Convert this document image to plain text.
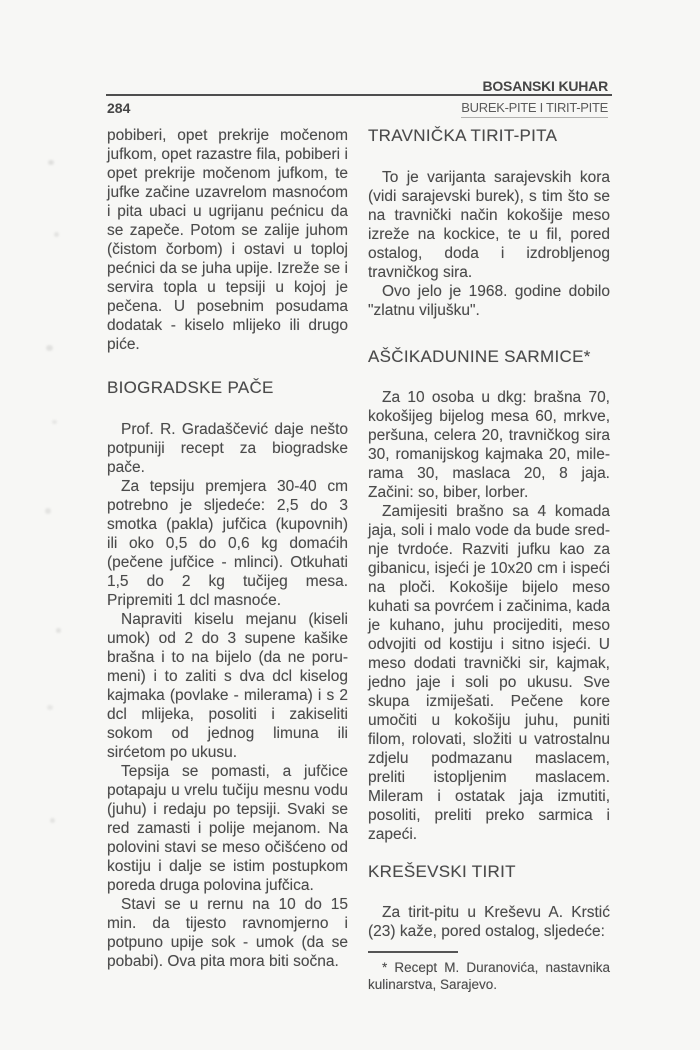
BOSANSKI KUHAR
284	BUREK-PITE I TIRIT-PITE

pobiberi, opet prekrije močenom jufkom, opet razastre fila, pobiberi i opet prekrije močenom jufkom, te jufke začine uzavrelom masnoćom i pita ubaci u ugrijanu pećnicu da se zapeče. Potom se zalije juhom (čistom čorbom) i ostavi u toploj pećnici da se juha upije. Izreže se i servira topla u tepsiji u kojoj je pečena. U posebnim posudama dodatak - kiselo mlijeko ili drugo piće.

BIOGRADSKE PAČE

Prof. R. Gradaščević daje nešto potpuniji recept za biogradske pače.

Za tepsiju premjera 30-40 cm potrebno je sljedeće: 2,5 do 3 smotka (pakla) jufčica (kupovnih) ili oko 0,5 do 0,6 kg domaćih (pečene jufčice - mlinci). Otkuhati 1,5 do 2 kg tučijeg mesa. Pripremiti 1 dcl masnoće.

Napraviti kiselu mejanu (kiseli umok) od 2 do 3 supene kašike brašna i to na bijelo (da ne porumeni) i to zaliti s dva dcl kiselog kajmaka (povlake - milerama) i s 2 dcl mlijeka, posoliti i zakiseliti sokom od jednog limuna ili sirćetom po ukusu.

Tepsija se pomasti, a jufčice potapaju u vrelu tučiju mesnu vodu (juhu) i redaju po tepsiji. Svaki se red zamasti i polije mejanom. Na polovini stavi se meso očišćeno od kostiju i dalje se istim postupkom poreda druga polovina jufčica.

Stavi se u rernu na 10 do 15 min. da tijesto ravnomjerno i potpuno upije sok - umok (da se pobabi). Ova pita mora biti sočna.

TRAVNIČKA TIRIT-PITA

To je varijanta sarajevskih kora (vidi sarajevski burek), s tim što se na travnički način kokošije meso izreže na kockice, te u fil, pored ostalog, doda i izdrobljenog travničkog sira.

Ovo jelo je 1968. godine dobilo "zlatnu viljušku".

AŠČIKADUNINE SARMICE*

Za 10 osoba u dkg: brašna 70, kokošijeg bijelog mesa 60, mrkve, peršuna, celera 20, travničkog sira 30, romanijskog kajmaka 20, milerama 30, maslaca 20, 8 jaja. Začini: so, biber, lorber.

Zamijesiti brašno sa 4 komada jaja, soli i malo vode da bude srednje tvrdoće. Razviti jufku kao za gibanicu, isjeći je 10x20 cm i ispeći na ploči. Kokošije bijelo meso kuhati sa povrćem i začinima, kada je kuhano, juhu procijediti, meso odvojiti od kostiju i sitno isjeći. U meso dodati travnički sir, kajmak, jedno jaje i soli po ukusu. Sve skupa izmiješati. Pečene kore umočiti u kokošiju juhu, puniti filom, rolovati, složiti u vatrostalnu zdjelu podmazanu maslacem, preliti istopljenim maslacem. Mileram i ostatak jaja izmutiti, posoliti, preliti preko sarmica i zapeći.

KREŠEVSKI TIRIT

Za tirit-pitu u Kreševu A. Krstić (23) kaže, pored ostalog, sljedeće:

* Recept M. Duranovića, nastavnika kulinarstva, Sarajevo.
